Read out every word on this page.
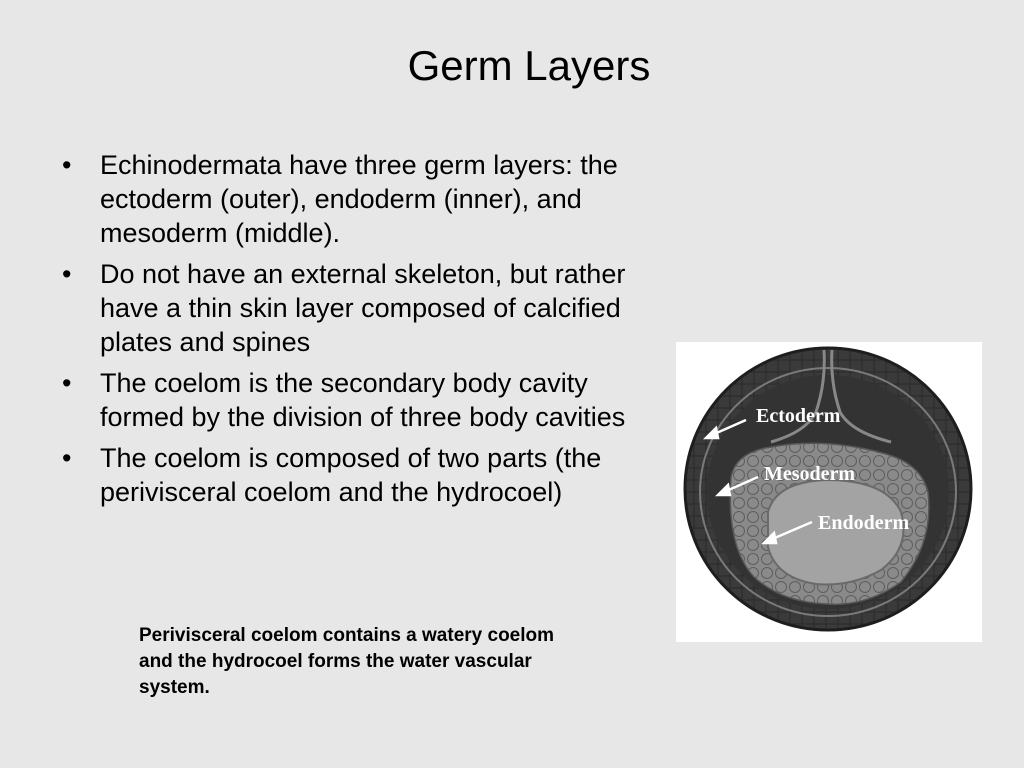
Germ Layers
• Echinodermata have three germ layers: the ectoderm (outer), endoderm (inner), and mesoderm (middle).
• Do not have an external skeleton, but rather have a thin skin layer composed of calcified plates and spines
• The coelom is the secondary body cavity formed by the division of three body cavities
• The coelom is composed of two parts (the perivisceral coelom and the hydrocoel)
Perivisceral coelom contains a watery coelom and the hydrocoel forms the water vascular system.
Ectoderm
Mesoderm
Endoderm
